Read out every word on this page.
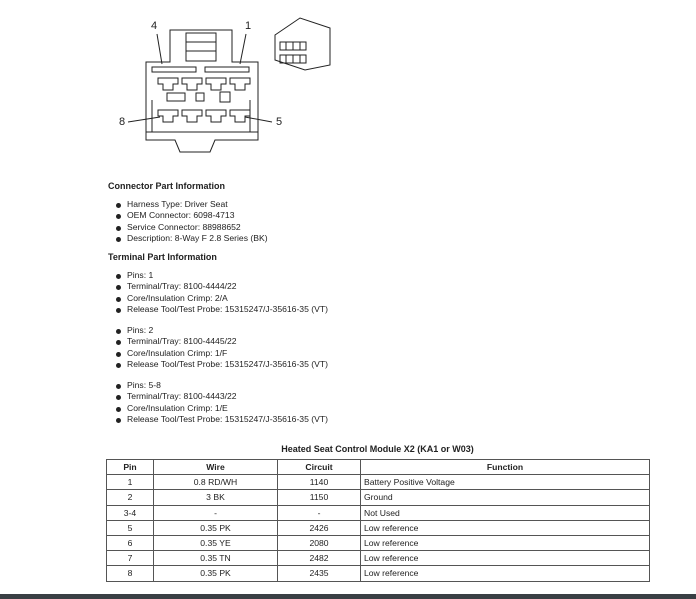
4	1
8	5
Connector Part Information
Harness Type: Driver Seat
OEM Connector: 6098-4713
Service Connector: 88988652
Description: 8-Way F 2.8 Series (BK)
Terminal Part Information
Pins: 1
Terminal/Tray: 8100-4444/22
Core/Insulation Crimp: 2/A
Release Tool/Test Probe: 15315247/J-35616-35 (VT)
Pins: 2
Terminal/Tray: 8100-4445/22
Core/Insulation Crimp: 1/F
Release Tool/Test Probe: 15315247/J-35616-35 (VT)
Pins: 5-8
Terminal/Tray: 8100-4443/22
Core/Insulation Crimp: 1/E
Release Tool/Test Probe: 15315247/J-35616-35 (VT)
Heated Seat Control Module X2 (KA1 or W03)
Pin	Wire	Circuit	Function
1	0.8 RD/WH	1140	Battery Positive Voltage
2	3 BK	1150	Ground
3-4	-	-	Not Used
5	0.35 PK	2426	Low reference
6	0.35 YE	2080	Low reference
7	0.35 TN	2482	Low reference
8	0.35 PK	2435	Low reference
